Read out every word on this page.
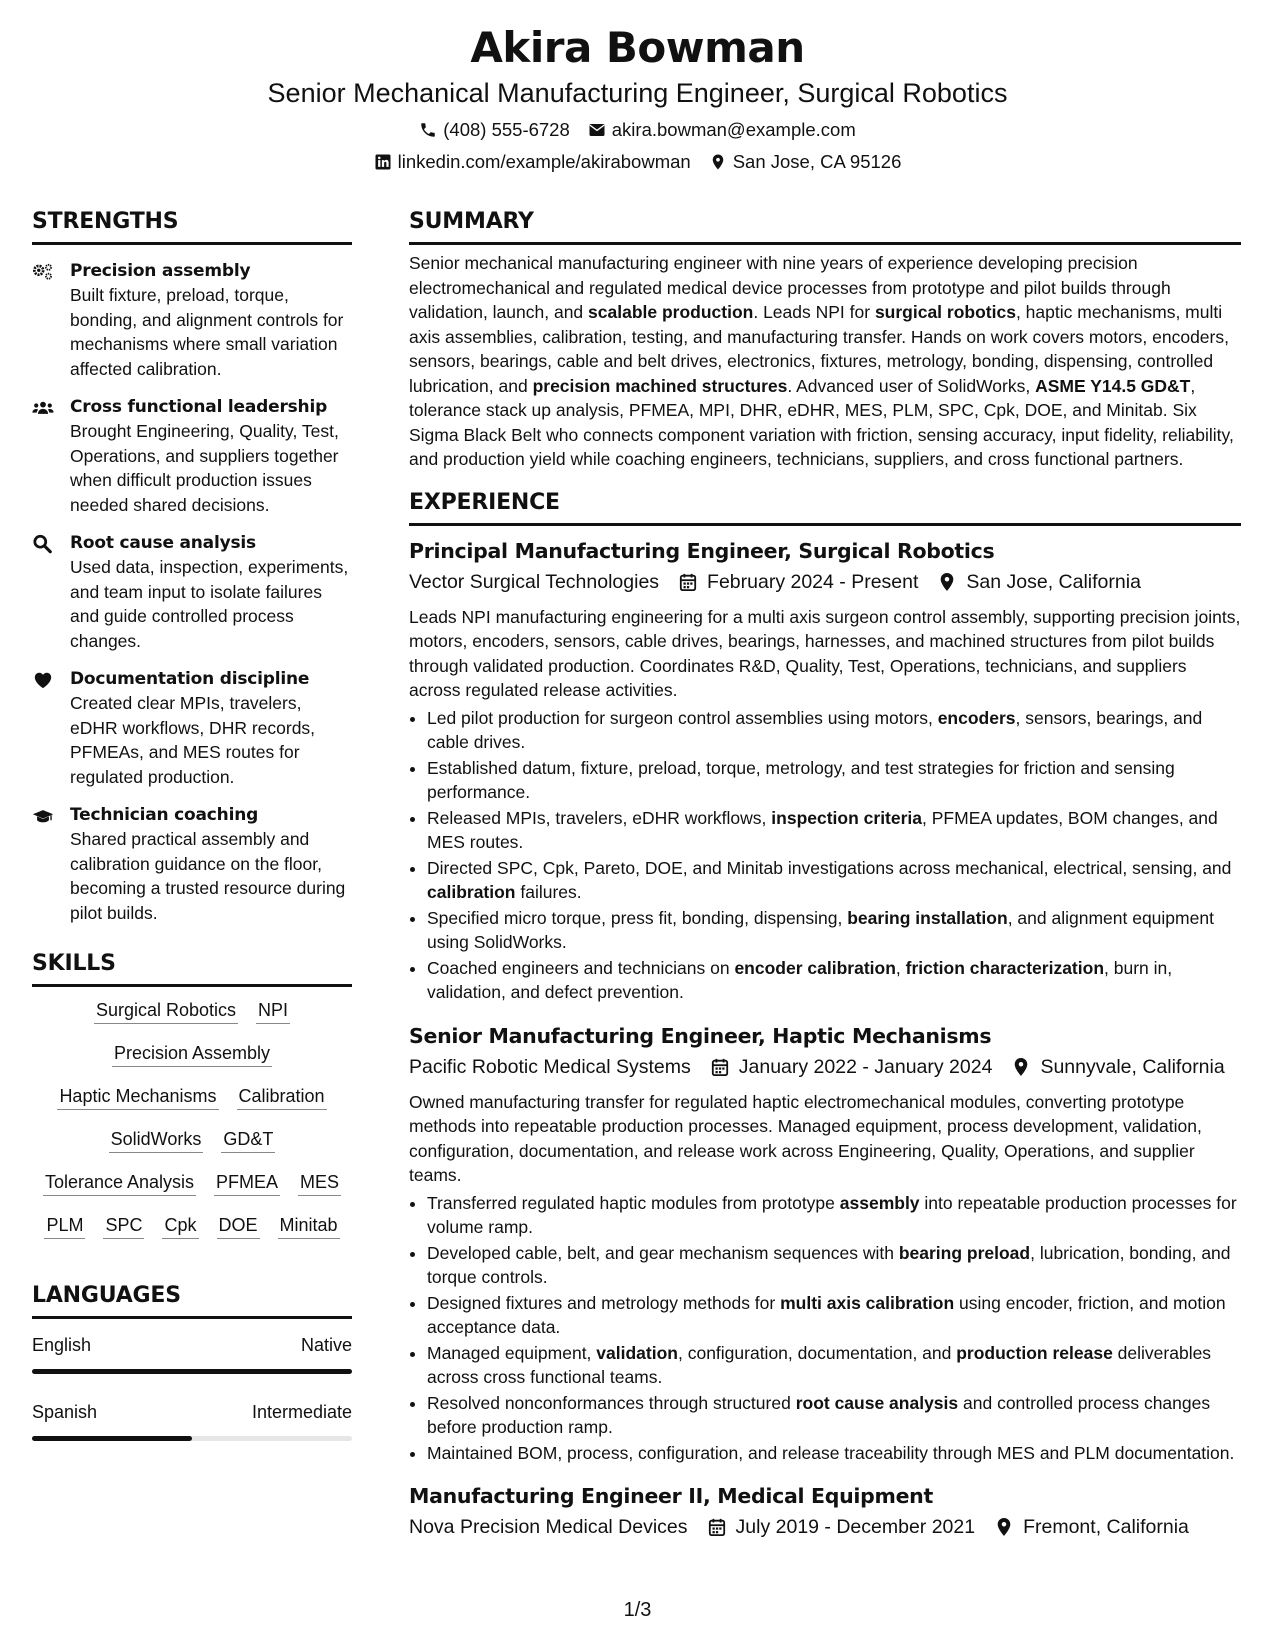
Akira Bowman
Senior Mechanical Manufacturing Engineer, Surgical Robotics
(408) 555-6728 akira.bowman@example.com
linkedin.com/example/akirabowman San Jose, CA 95126
STRENGTHS
Precision assembly
Built fixture, preload, torque, bonding, and alignment controls for mechanisms where small variation affected calibration.
Cross functional leadership
Brought Engineering, Quality, Test, Operations, and suppliers together when difficult production issues needed shared decisions.
Root cause analysis
Used data, inspection, experiments, and team input to isolate failures and guide controlled process changes.
Documentation discipline
Created clear MPIs, travelers, eDHR workflows, DHR records, PFMEAs, and MES routes for regulated production.
Technician coaching
Shared practical assembly and calibration guidance on the floor, becoming a trusted resource during pilot builds.
SKILLS
Surgical Robotics NPI
Precision Assembly
Haptic Mechanisms Calibration
SolidWorks GD&T
Tolerance Analysis PFMEA MES
PLM SPC Cpk DOE Minitab
LANGUAGES
English	Native
Spanish	Intermediate
SUMMARY
Senior mechanical manufacturing engineer with nine years of experience developing precision electromechanical and regulated medical device processes from prototype and pilot builds through validation, launch, and scalable production. Leads NPI for surgical robotics, haptic mechanisms, multi axis assemblies, calibration, testing, and manufacturing transfer. Hands on work covers motors, encoders, sensors, bearings, cable and belt drives, electronics, fixtures, metrology, bonding, dispensing, controlled lubrication, and precision machined structures. Advanced user of SolidWorks, ASME Y14.5 GD&T, tolerance stack up analysis, PFMEA, MPI, DHR, eDHR, MES, PLM, SPC, Cpk, DOE, and Minitab. Six Sigma Black Belt who connects component variation with friction, sensing accuracy, input fidelity, reliability, and production yield while coaching engineers, technicians, suppliers, and cross functional partners.
EXPERIENCE
Principal Manufacturing Engineer, Surgical Robotics
Vector Surgical Technologies February 2024 - Present San Jose, California
Leads NPI manufacturing engineering for a multi axis surgeon control assembly, supporting precision joints, motors, encoders, sensors, cable drives, bearings, harnesses, and machined structures from pilot builds through validated production. Coordinates R&D, Quality, Test, Operations, technicians, and suppliers across regulated release activities.
• Led pilot production for surgeon control assemblies using motors, encoders, sensors, bearings, and cable drives.
• Established datum, fixture, preload, torque, metrology, and test strategies for friction and sensing performance.
• Released MPIs, travelers, eDHR workflows, inspection criteria, PFMEA updates, BOM changes, and MES routes.
• Directed SPC, Cpk, Pareto, DOE, and Minitab investigations across mechanical, electrical, sensing, and calibration failures.
• Specified micro torque, press fit, bonding, dispensing, bearing installation, and alignment equipment using SolidWorks.
• Coached engineers and technicians on encoder calibration, friction characterization, burn in, validation, and defect prevention.
Senior Manufacturing Engineer, Haptic Mechanisms
Pacific Robotic Medical Systems January 2022 - January 2024 Sunnyvale, California
Owned manufacturing transfer for regulated haptic electromechanical modules, converting prototype methods into repeatable production processes. Managed equipment, process development, validation, configuration, documentation, and release work across Engineering, Quality, Operations, and supplier teams.
• Transferred regulated haptic modules from prototype assembly into repeatable production processes for volume ramp.
• Developed cable, belt, and gear mechanism sequences with bearing preload, lubrication, bonding, and torque controls.
• Designed fixtures and metrology methods for multi axis calibration using encoder, friction, and motion acceptance data.
• Managed equipment, validation, configuration, documentation, and production release deliverables across cross functional teams.
• Resolved nonconformances through structured root cause analysis and controlled process changes before production ramp.
• Maintained BOM, process, configuration, and release traceability through MES and PLM documentation.
Manufacturing Engineer II, Medical Equipment
Nova Precision Medical Devices July 2019 - December 2021 Fremont, California
1/3
